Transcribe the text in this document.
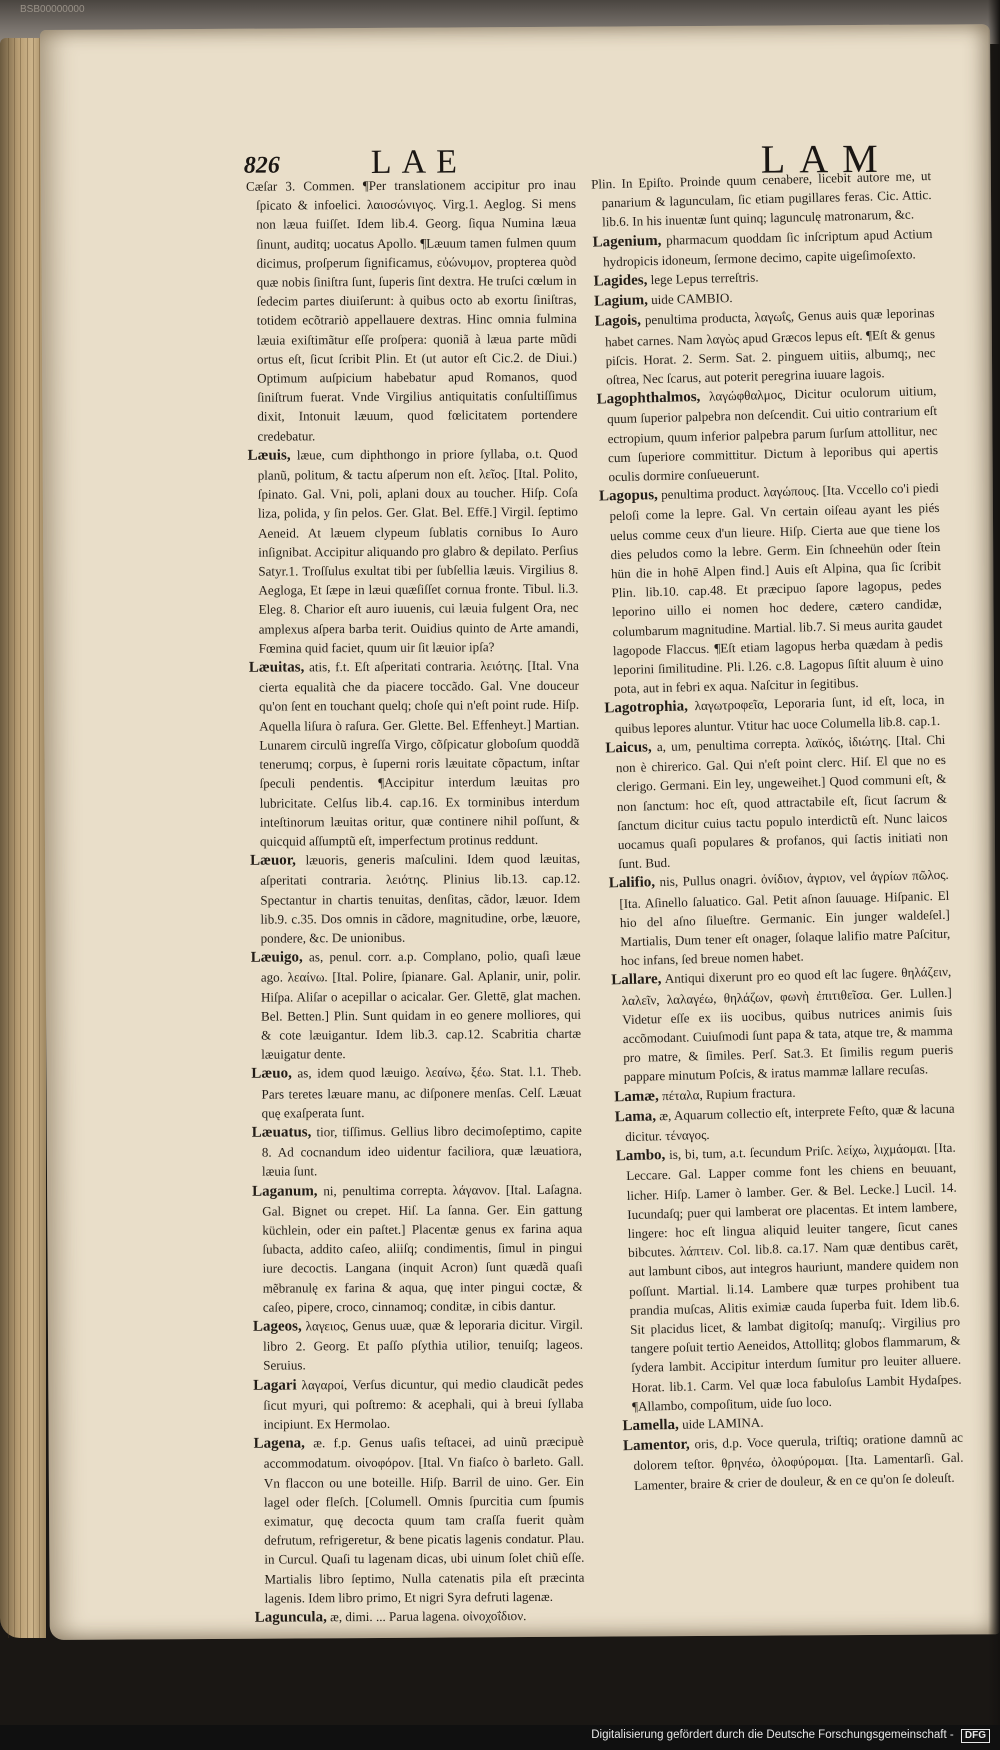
BSB00000000
826	LAE	LAM

Cæſar 3. Commen. ¶Per translationem accipitur pro inau ſpicato & infoelici. λαιοσώνιγος. Virg.1. Aeglog. Si mens non læua fuiſſet. Idem lib.4. Georg. ſiqua Numina læua ſinunt, auditq; uocatus Apollo. ¶Læuum tamen fulmen quum dicimus, proſperum ſignificamus, εὐώνυμον, propterea quòd quæ nobis ſiniſtra ſunt, ſuperis ſint dextra. He truſci cœlum in ſedecim partes diuiſerunt: à quibus octo ab exortu ſiniſtras, totidem ecõtrariò appellauere dextras. Hinc omnia fulmina læuia exiſtimãtur eſſe proſpera: quoniã à læua parte mũdi ortus eſt, ſicut ſcribit Plin. Et (ut autor eſt Cic.2. de Diui.) Optimum auſpicium habebatur apud Romanos, quod ſiniſtrum fuerat. Vnde Virgilius antiquitatis conſultiſſimus dixit, Intonuit læuum, quod fœlicitatem portendere credebatur.

Læuis, læue, cum diphthongo in priore ſyllaba, o.t. Quod planũ, politum, & tactu aſperum non eſt. λεῖος. [Ital. Polito, ſpinato. Gal. Vni, poli, aplani doux au toucher. Hiſp. Coſa liza, polida, y ſin pelos. Ger. Glat. Bel. Effē.] Virgil. ſeptimo Aeneid. At læuem clypeum ſublatis cornibus Io Auro inſignibat. Accipitur aliquando pro glabro & depilato. Perſius Satyr.1. Troſſulus exultat tibi per ſubſellia læuis. Virgilius 8. Aegloga, Et ſæpe in læui quæſiſſet cornua fronte. Tibul. li.3. Eleg. 8. Charior eſt auro iuuenis, cui læuia fulgent Ora, nec amplexus aſpera barba terit. Ouidius quinto de Arte amandi, Fœmina quid faciet, quum uir ſit læuior ipſa?

Læuitas, atis, f.t. Eſt aſperitati contraria. λειότης. [Ital. Vna cierta equalità che da piacere toccãdo. Gal. Vne douceur qu'on ſent en touchant quelq; choſe qui n'eſt point rude. Hiſp. Aquella liſura ò raſura. Ger. Glette. Bel. Effenheyt.] Martian. Lunarem circulũ ingreſſa Virgo, cõſpicatur globoſum quoddã tenerumq; corpus, è ſuperni roris læuitate cõpactum, inſtar ſpeculi pendentis. ¶Accipitur interdum læuitas pro lubricitate. Celſus lib.4. cap.16. Ex torminibus interdum inteſtinorum læuitas oritur, quæ continere nihil poſſunt, & quicquid aſſumptũ eſt, imperfectum protinus reddunt.

Læuor, læuoris, generis maſculini. Idem quod læuitas, aſperitati contraria. λειότης. Plinius lib.13. cap.12. Spectantur in chartis tenuitas, denſitas, cãdor, læuor. Idem lib.9. c.35. Dos omnis in cãdore, magnitudine, orbe, læuore, pondere, &c. De unionibus.

Læuigo, as, penul. corr. a.p. Complano, polio, quaſi læue ago. λεαίνω. [Ital. Polire, ſpianare. Gal. Aplanir, unir, polir. Hiſpa. Aliſar o acepillar o acicalar. Ger. Glettē, glat machen. Bel. Betten.] Plin. Sunt quidam in eo genere molliores, qui & cote læuigantur. Idem lib.3. cap.12. Scabritia chartæ læuigatur dente.

Læuo, as, idem quod læuigo. λεαίνω, ξέω. Stat. l.1. Theb. Pars teretes læuare manu, ac diſponere menſas. Celſ. Læuat quę exaſperata ſunt.

Læuatus, tior, tiſſimus. Gellius libro decimoſeptimo, capite 8. Ad cocnandum ideo uidentur faciliora, quæ læuatiora, læuia ſunt.

Laganum, ni, penultima correpta. λάγανον. [Ital. Laſagna. Gal. Bignet ou crepet. Hiſ. La ſanna. Ger. Ein gattung küchlein, oder ein paſtet.] Placentæ genus ex farina aqua ſubacta, addito caſeo, aliiſq; condimentis, ſimul in pingui iure decoctis. Langana (inquit Acron) ſunt quædã quaſi mẽbranulę ex farina & aqua, quę inter pingui coctæ, & caſeo, pipere, croco, cinnamoq; conditæ, in cibis dantur.

Lageos, λαγειος, Genus uuæ, quæ & leporaria dicitur. Virgil. libro 2. Georg. Et paſſo pſythia utilior, tenuiſq; lageos. Seruius.

Lagari λαγαροί, Verſus dicuntur, qui medio claudicãt pedes ſicut myuri, qui poſtremo: & acephali, qui à breui ſyllaba incipiunt. Ex Hermolao.

Lagena, æ. f.p. Genus uaſis teſtacei, ad uinũ præcipuè accommodatum. οἰνοφόρον. [Ital. Vn fiaſco ò barleto. Gall. Vn flaccon ou une boteille. Hiſp. Barril de uino. Ger. Ein lagel oder fleſch. [Columell. Omnis ſpurcitia cum ſpumis eximatur, quę decocta quum tam craſſa fuerit quàm defrutum, refrigeretur, & bene picatis lagenis condatur. Plau. in Curcul. Quaſi tu lagenam dicas, ubi uinum ſolet chiũ eſſe. Martialis libro ſeptimo, Nulla catenatis pila eſt præcinta lagenis. Idem libro primo, Et nigri Syra defruti lagenæ.

Laguncula, æ, dimi. ... Parua lagena. οἰνοχοΐδιον.

Plin. In Epiſto. Proinde quum cenabere, licebit autore me, ut panarium & lagunculam, ſic etiam pugillares feras. Cic. Attic. lib.6. In his inuentæ ſunt quinq; lagunculę matronarum, &c.

Lagenium, pharmacum quoddam ſic inſcriptum apud Actium hydropicis idoneum, ſermone decimo, capite uigeſimoſexto.

Lagides, lege Lepus terreſtris.

Lagium, uide CAMBIO.

Lagois, penultima producta, λαγωΐς, Genus auis quæ leporinas habet carnes. Nam λαγὼς apud Græcos lepus eſt. ¶Eſt & genus piſcis. Horat. 2. Serm. Sat. 2. pinguem uitiis, albumq;, nec oſtrea, Nec ſcarus, aut poterit peregrina iuuare lagois.

Lagophthalmos, λαγώφθαλμος, Dicitur oculorum uitium, quum ſuperior palpebra non deſcendit. Cui uitio contrarium eſt ectropium, quum inferior palpebra parum ſurſum attollitur, nec cum ſuperiore committitur. Dictum à leporibus qui apertis oculis dormire conſueuerunt.

Lagopus, penultima product. λαγώπους. [Ita. Vccello co'i piedi peloſi come la lepre. Gal. Vn certain oiſeau ayant les piés uelus comme ceux d'un lieure. Hiſp. Cierta aue que tiene los dies peludos como la lebre. Germ. Ein ſchneehün oder ſtein hün die in hohē Alpen find.] Auis eſt Alpina, qua ſic ſcribit Plin. lib.10. cap.48. Et præcipuo ſapore lagopus, pedes leporino uillo ei nomen hoc dedere, cætero candidæ, columbarum magnitudine. Martial. lib.7. Si meus aurita gaudet lagopode Flaccus. ¶Eſt etiam lagopus herba quædam à pedis leporini ſimilitudine. Pli. l.26. c.8. Lagopus ſiſtit aluum è uino pota, aut in febri ex aqua. Naſcitur in ſegitibus.

Lagotrophia, λαγωτροφεῖα, Leporaria ſunt, id eſt, loca, in quibus lepores aluntur. Vtitur hac uoce Columella lib.8. cap.1.

Laicus, a, um, penultima correpta. λαϊκός, ἰδιώτης. [Ital. Chi non è chirerico. Gal. Qui n'eſt point clerc. Hiſ. El que no es clerigo. Germani. Ein ley, ungeweihet.] Quod communi eſt, & non ſanctum: hoc eſt, quod attractabile eſt, ſicut ſacrum & ſanctum dicitur cuius tactu populo interdictũ eſt. Nunc laicos uocamus quaſi populares & profanos, qui ſactis initiati non ſunt. Bud.

Lalifio, nis, Pullus onagri. ὀνίδιον, ἀγριον, vel ἀγρίων πῶλος. [Ita. Aſinello ſaluatico. Gal. Petit aſnon ſauuage. Hiſpanic. El hio del aſno ſilueſtre. Germanic. Ein junger waldeſel.] Martialis, Dum tener eſt onager, ſolaque lalifio matre Paſcitur, hoc infans, ſed breue nomen habet.

Lallare, Antiqui dixerunt pro eo quod eſt lac ſugere. θηλάζειν, λαλεῖν, λαλαγέω, θηλάζων, φωνὴ ἐπιτιθεῖσα. Ger. Lullen.] Videtur eſſe ex iis uocibus, quibus nutrices animis ſuis accõmodant. Cuiuſmodi ſunt papa & tata, atque tre, & mamma pro matre, & ſimiles. Perſ. Sat.3. Et ſimilis regum pueris pappare minutum Poſcis, & iratus mammæ lallare recuſas.

Lamæ, πέταλα, Rupium fractura.

Lama, æ, Aquarum collectio eſt, interprete Feſto, quæ & lacuna dicitur. τέναγος.

Lambo, is, bi, tum, a.t. ſecundum Priſc. λείχω, λιχμάομαι. [Ita. Leccare. Gal. Lapper comme font les chiens en beuuant, licher. Hiſp. Lamer ò lamber. Ger. & Bel. Lecke.] Lucil. 14. Iucundaſq; puer qui lamberat ore placentas. Et intem lambere, lingere: hoc eſt lingua aliquid leuiter tangere, ſicut canes bibcutes. λάπτειν. Col. lib.8. ca.17. Nam quæ dentibus carēt, aut lambunt cibos, aut integros hauriunt, mandere quidem non poſſunt. Martial. li.14. Lambere quæ turpes prohibent tua prandia muſcas, Alitis eximiæ cauda ſuperba fuit. Idem lib.6. Sit placidus licet, & lambat digitoſq; manuſq;. Virgilius pro tangere poſuit tertio Aeneidos, Attollitq; globos flammarum, & ſydera lambit. Accipitur interdum ſumitur pro leuiter alluere. Horat. lib.1. Carm. Vel quæ loca fabuloſus Lambit Hydaſpes. ¶Allambo, compoſitum, uide ſuo loco.

Lamella, uide LAMINA.

Lamentor, oris, d.p. Voce querula, triſtiq; oratione damnũ ac dolorem teſtor. θρηνέω, ὀλοφύρομαι. [Ita. Lamentarſi. Gal. Lamenter, braire & crier de douleur, & en ce qu'on ſe doleuſt.

Digitalisierung gefördert durch die Deutsche Forschungsgemeinschaft - DFG
